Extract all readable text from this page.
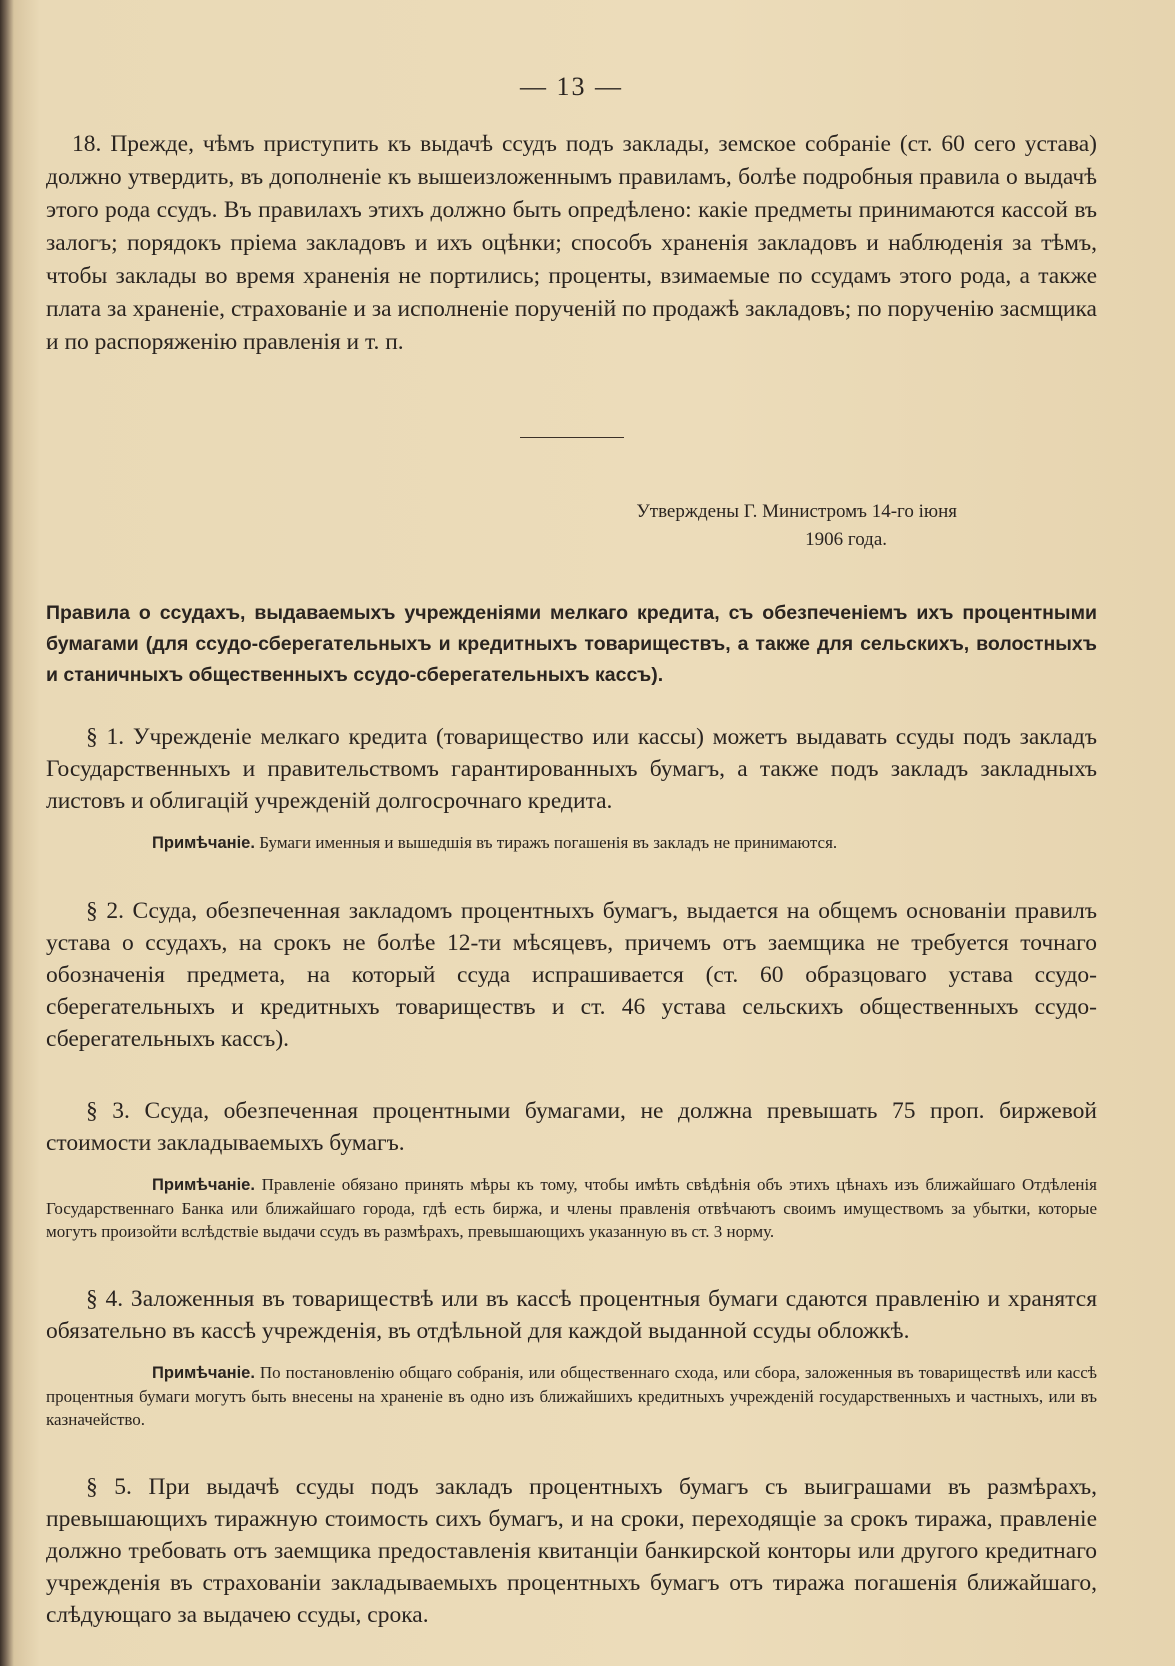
— 13 —

18. Прежде, чѣмъ приступить къ выдачѣ ссудъ подъ заклады, земское собраніе (ст. 60 сего устава) должно утвердить, въ дополненіе къ вышеизложеннымъ правиламъ, болѣе подробныя правила о выдачѣ этого рода ссудъ. Въ правилахъ этихъ должно быть опредѣлено: какіе предметы принимаются кассой въ залогъ; порядокъ пріема закладовъ и ихъ оцѣнки; способъ храненія закладовъ и наблюденія за тѣмъ, чтобы заклады во время храненія не портились; проценты, взимаемые по ссудамъ этого рода, а также плата за храненіе, страхованіе и за исполненіе порученій по продажѣ закладовъ; по порученію засмщика и по распоряженію правленія и т. п.

Утверждены Г. Министромъ 14-го іюня
1906 года.

Правила о ссудахъ, выдаваемыхъ учрежденіями мелкаго кредита, съ обезпеченіемъ ихъ процентными бумагами (для ссудо-сберегательныхъ и кредитныхъ товариществъ, а также для сельскихъ, волостныхъ и станичныхъ общественныхъ ссудо-сберегательныхъ кассъ).

§ 1. Учрежденіе мелкаго кредита (товарищество или кассы) можетъ выдавать ссуды подъ закладъ Государственныхъ и правительствомъ гарантированныхъ бумагъ, а также подъ закладъ закладныхъ листовъ и облигацій учрежденій долгосрочнаго кредита.

Примѣчаніе. Бумаги именныя и вышедшія въ тиражъ погашенія въ закладъ не принимаются.

§ 2. Ссуда, обезпеченная закладомъ процентныхъ бумагъ, выдается на общемъ основаніи правилъ устава о ссудахъ, на срокъ не болѣе 12-ти мѣсяцевъ, причемъ отъ заемщика не требуется точнаго обозначенія предмета, на который ссуда испрашивается (ст. 60 образцоваго устава ссудо-сберегательныхъ и кредитныхъ товариществъ и ст. 46 устава сельскихъ общественныхъ ссудо-сберегательныхъ кассъ).

§ 3. Ссуда, обезпеченная процентными бумагами, не должна превышать 75 проп. биржевой стоимости закладываемыхъ бумагъ.

Примѣчаніе. Правленіе обязано принять мѣры къ тому, чтобы имѣть свѣдѣнія объ этихъ цѣнахъ изъ ближайшаго Отдѣленія Государственнаго Банка или ближайшаго города, гдѣ есть биржа, и члены правленія отвѣчаютъ своимъ имуществомъ за убытки, которые могутъ произойти вслѣдствіе выдачи ссудъ въ размѣрахъ, превышающихъ указанную въ ст. 3 норму.

§ 4. Заложенныя въ товариществѣ или въ кассѣ процентныя бумаги сдаются правленію и хранятся обязательно въ кассѣ учрежденія, въ отдѣльной для каждой выданной ссуды обложкѣ.

Примѣчаніе. По постановленію общаго собранія, или общественнаго схода, или сбора, заложенныя въ товариществѣ или кассѣ процентныя бумаги могутъ быть внесены на храненіе въ одно изъ ближайшихъ кредитныхъ учрежденій государственныхъ и частныхъ, или въ казначейство.

§ 5. При выдачѣ ссуды подъ закладъ процентныхъ бумагъ съ выиграшами въ размѣрахъ, превышающихъ тиражную стоимость сихъ бумагъ, и на сроки, переходящіе за срокъ тиража, правленіе должно требовать отъ заемщика предоставленія квитанціи банкирской конторы или другого кредитнаго учрежденія въ страхованіи закладываемыхъ процентныхъ бумагъ отъ тиража погашенія ближайшаго, слѣдующаго за выдачею ссуды, срока.
